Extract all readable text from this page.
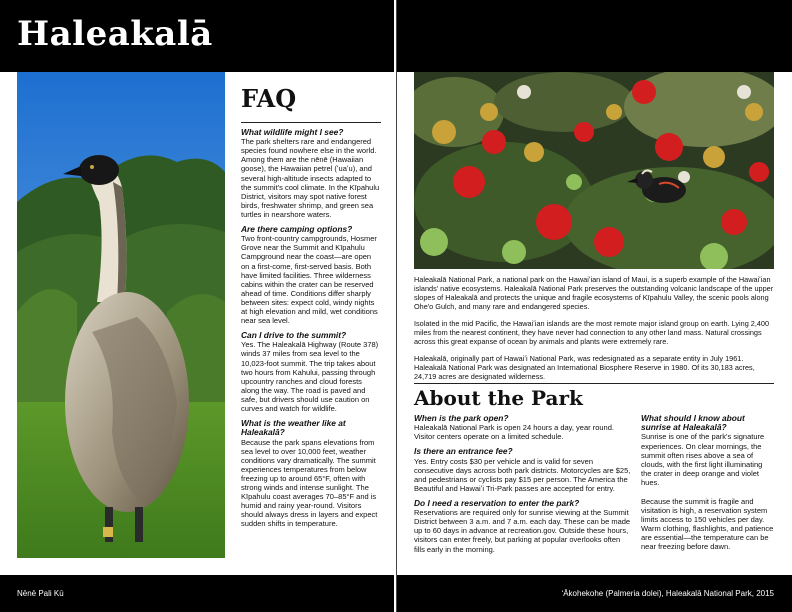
Haleakalā
FAQ
What wildlife might I see?

The park shelters rare and endangered species found nowhere else in the world. Among them are the nēnē (Hawaiian goose), the Hawaiian petrel (ʻuaʻu), and several high-altitude insects adapted to the summit's cool climate. In the Kīpahulu District, visitors may spot native forest birds, freshwater shrimp, and green sea turtles in nearshore waters.

Are there camping options?

Two front-country campgrounds, Hosmer Grove near the Summit and Kīpahulu Campground near the coast—are open on a first-come, first-served basis. Both have limited facilities. Three wilderness cabins within the crater can be reserved ahead of time. Conditions differ sharply between sites: expect cold, windy nights at high elevation and mild, wet conditions near sea level.

Can I drive to the summit?

Yes. The Haleakalā Highway (Route 378) winds 37 miles from sea level to the 10,023-foot summit. The trip takes about two hours from Kahului, passing through upcountry ranches and cloud forests along the way. The road is paved and safe, but drivers should use caution on curves and watch for wildlife.

What is the weather like at Haleakalā?

Because the park spans elevations from sea level to over 10,000 feet, weather conditions vary dramatically. The summit experiences temperatures from below freezing up to around 65°F, often with strong winds and intense sunlight. The Kīpahulu coast averages 70–85°F and is humid and rainy year-round. Visitors should always dress in layers and expect sudden shifts in temperature.

Haleakalā National Park, a national park on the Hawaiʻian island of Maui, is a superb example of the Hawaiʻian islands' native ecosystems. Haleakalā National Park preserves the outstanding volcanic landscape of the upper slopes of Haleakalā and protects the unique and fragile ecosystems of Kīpahulu Valley, the scenic pools along Ohe'o Gulch, and many rare and endangered species.

Isolated in the mid Pacific, the Hawaiʻian islands are the most remote major island group on earth. Lying 2,400 miles from the nearest continent, they have never had connection to any other land mass. Natural crossings across this great expanse of ocean by animals and plants were extremely rare.

Haleakalā, originally part of Hawaiʻi National Park, was redesignated as a separate entity in July 1961. Haleakalā National Park was designated an International Biosphere Reserve in 1980. Of its 30,183 acres, 24,719 acres are designated wilderness.

About the Park
When is the park open?

Haleakalā National Park is open 24 hours a day, year round. Visitor centers operate on a limited schedule.

Is there an entrance fee?

Yes. Entry costs $30 per vehicle and is valid for seven consecutive days across both park districts. Motorcycles are $25, and pedestrians or cyclists pay $15 per person. The America the Beautiful and Hawaiʻi Tri-Park passes are accepted for entry.

Do I need a reservation to enter the park?

Reservations are required only for sunrise viewing at the Summit District between 3 a.m. and 7 a.m. each day. These can be made up to 60 days in advance at recreation.gov. Outside these hours, visitors can enter freely, but parking at popular overlooks often fills early in the morning.

What should I know about sunrise at Haleakalā?

Sunrise is one of the park's signature experiences. On clear mornings, the summit often rises above a sea of clouds, with the first light illuminating the crater in deep orange and violet hues.

Because the summit is fragile and visitation is high, a reservation system limits access to 150 vehicles per day. Warm clothing, flashlights, and patience are essential—the temperature can be near freezing before dawn.

Nēnē Pali Kū	ʻĀkohekohe (Palmeria dolei), Haleakalā National Park, 2015
